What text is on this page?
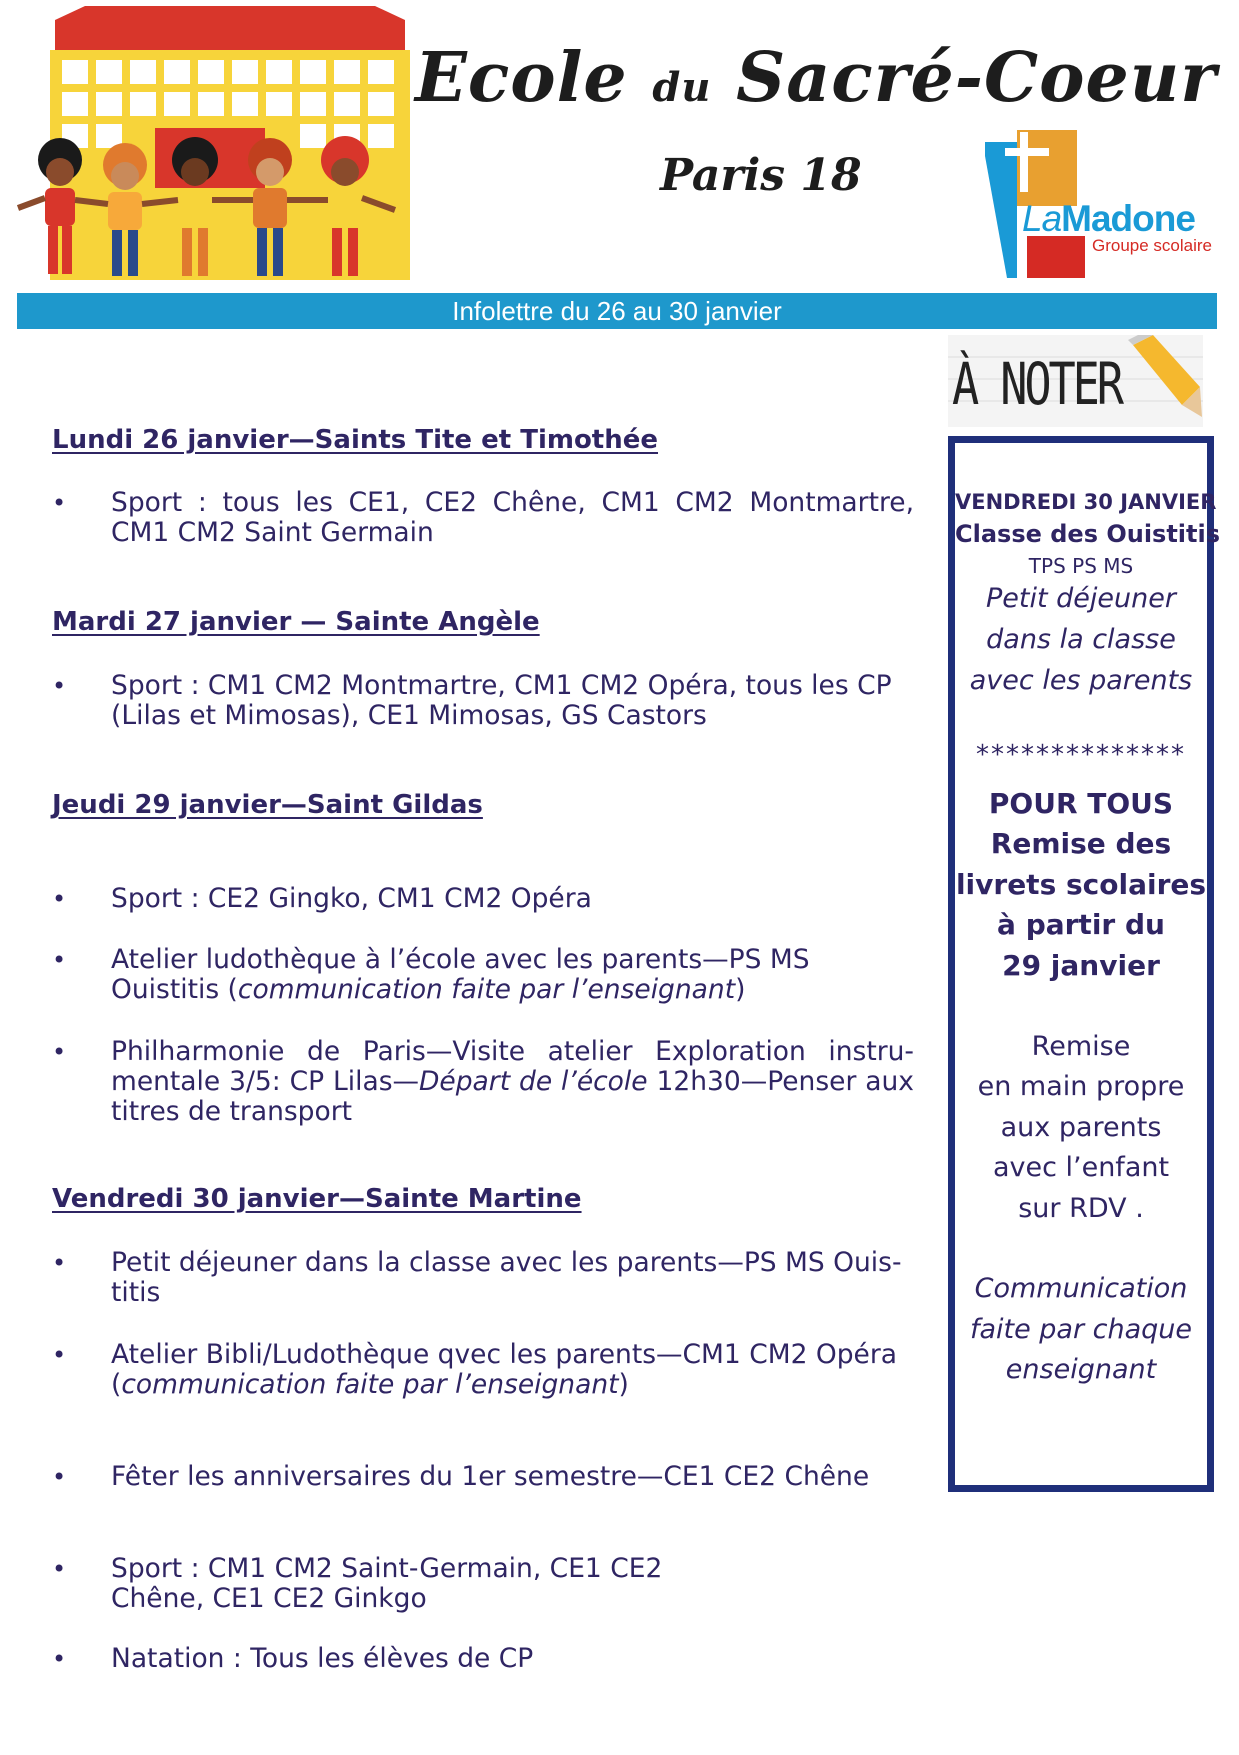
Ecole du Sacré-Coeur
Paris 18
LaMadone
Groupe scolaire
Infolettre du 26 au 30 janvier
Lundi 26 janvier—Saints Tite et Timothée
• Sport : tous les CE1, CE2 Chêne, CM1 CM2 Montmartre, CM1 CM2 Saint Germain
Mardi 27 janvier — Sainte Angèle
• Sport : CM1 CM2 Montmartre, CM1 CM2 Opéra, tous les CP (Lilas et Mimosas), CE1 Mimosas, GS Castors
Jeudi 29 janvier—Saint Gildas
• Sport : CE2 Gingko, CM1 CM2 Opéra
• Atelier ludothèque à l’école avec les parents—PS MS Ouistitis (communication faite par l’enseignant)
• Philharmonie de Paris—Visite atelier Exploration instru-mentale 3/5: CP Lilas—Départ de l’école 12h30—Penser aux titres de transport
Vendredi 30 janvier—Sainte Martine
• Petit déjeuner dans la classe avec les parents—PS MS Ouis-titis
• Atelier Bibli/Ludothèque qvec les parents—CM1 CM2 Opéra (communication faite par l’enseignant)
• Fêter les anniversaires du 1er semestre—CE1 CE2 Chêne
• Sport : CM1 CM2 Saint-Germain, CE1 CE2 Chêne, CE1 CE2 Ginkgo
• Natation : Tous les élèves de CP
À NOTER
VENDREDI 30 JANVIER
Classe des Ouistitis
TPS PS MS
Petit déjeuner
dans la classe
avec les parents
**************
POUR TOUS
Remise des
livrets scolaires
à partir du
29 janvier
Remise
en main propre
aux parents
avec l’enfant
sur RDV .
Communication
faite par chaque
enseignant
